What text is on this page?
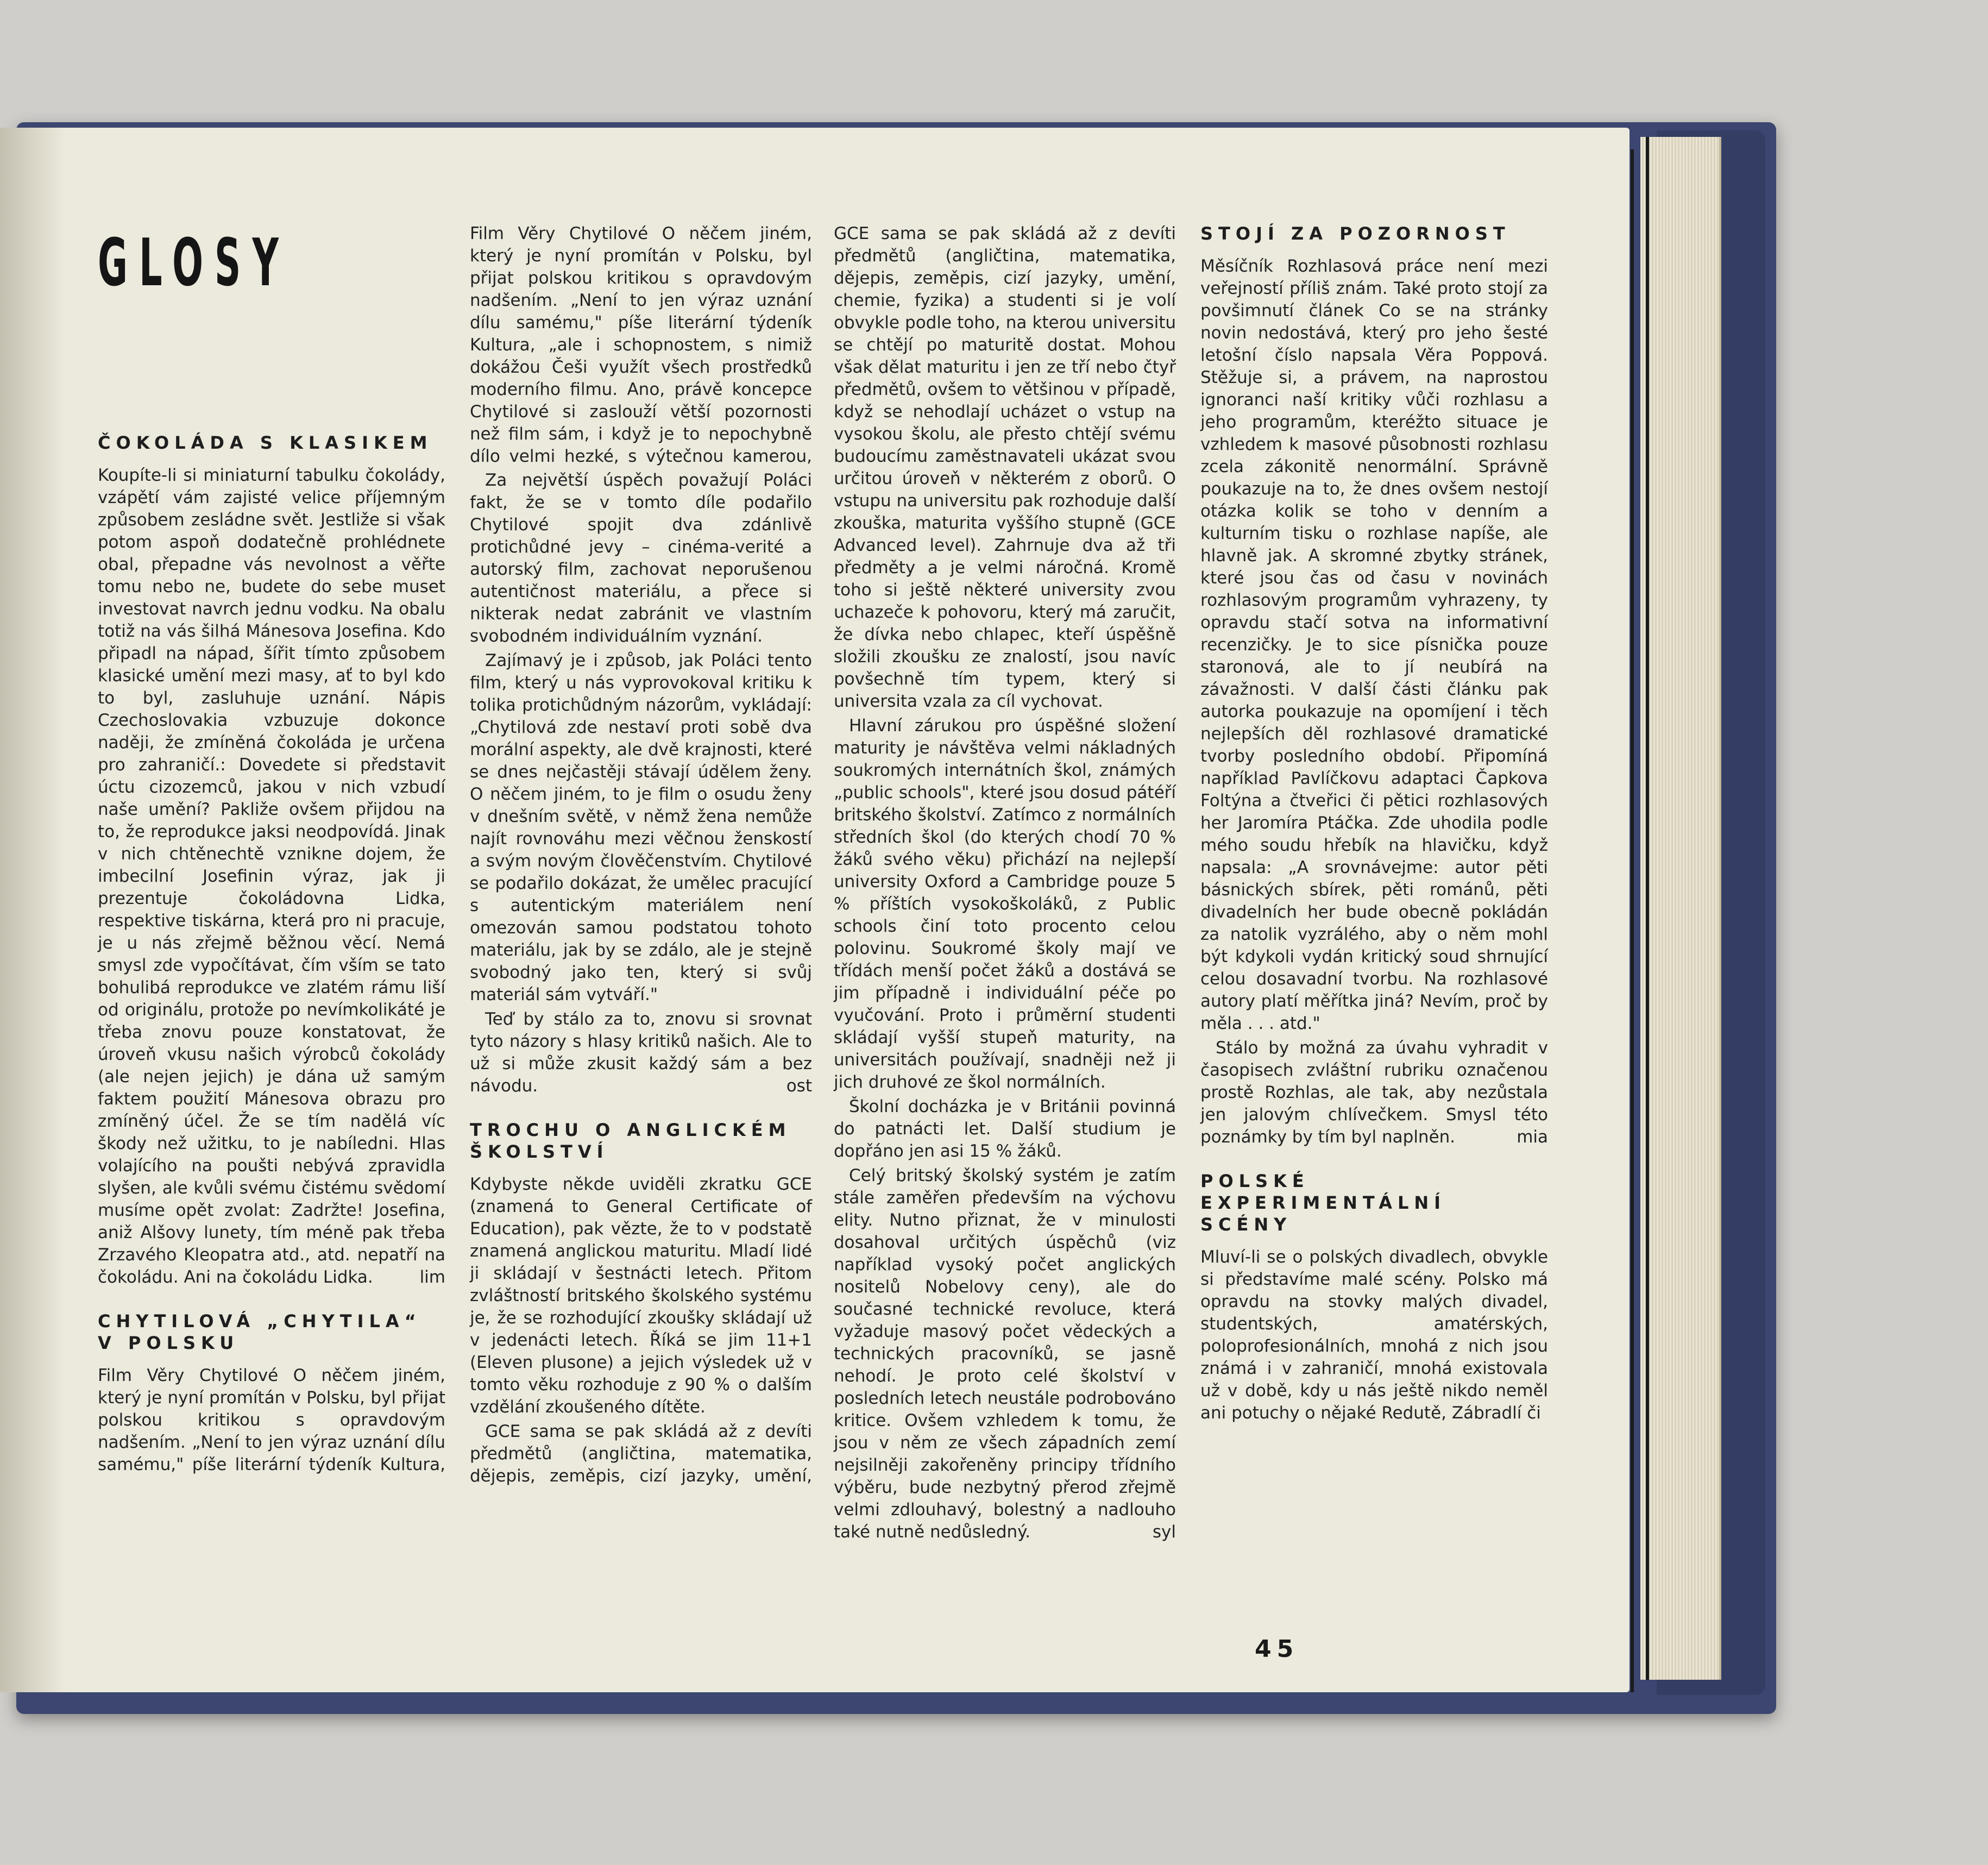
GLOSY
ČOKOLÁDA S KLASIKEM

Koupíte-li si miniaturní tabulku čokolády, vzápětí vám zajisté velice příjemným způsobem zesládne svět. Jestliže si však potom aspoň dodatečně prohlédnete obal, přepadne vás nevolnost a věřte tomu nebo ne, budete do sebe muset investovat navrch jednu vodku. Na obalu totiž na vás šilhá Mánesova Josefina. Kdo připadl na nápad, šířit tímto způsobem klasické umění mezi masy, ať to byl kdo to byl, zasluhuje uznání. Nápis Czechoslovakia vzbuzuje dokonce naději, že zmíněná čokoláda je určena pro zahraničí.: Dovedete si představit úctu cizozemců, jakou v nich vzbudí naše umění? Pakliže ovšem přijdou na to, že reprodukce jaksi neodpovídá. Jinak v nich chtěnechtě vznikne dojem, že imbecilní Josefinin výraz, jak ji prezentuje čokoládovna Lidka, respektive tiskárna, která pro ni pracuje, je u nás zřejmě běžnou věcí. Nemá smysl zde vypočítávat, čím vším se tato bohulibá reprodukce ve zlatém rámu liší od originálu, protože po nevímkolikáté je třeba znovu pouze konstatovat, že úroveň vkusu našich výrobců čokolády (ale nejen jejich) je dána už samým faktem použití Mánesova obrazu pro zmíněný účel. Že se tím nadělá víc škody než užitku, to je nabíledni. Hlas volajícího na poušti nebývá zpravidla slyšen, ale kvůli svému čistému svědomí musíme opět zvolat: Zadržte! Josefina, aniž Alšovy lunety, tím méně pak třeba Zrzavého Kleopatra atd., atd. nepatří na čokoládu. Ani na čokoládu Lidka.	lim

CHYTILOVÁ „CHYTILA“
V POLSKU

Film Věry Chytilové O něčem jiném, který je nyní promítán v Polsku, byl přijat polskou kritikou s opravdovým nadšením. „Není to jen výraz uznání dílu samému," píše literární týdeník Kultura,

Film Věry Chytilové O něčem jiném, který je nyní promítán v Polsku, byl přijat polskou kritikou s opravdovým nadšením. „Není to jen výraz uznání dílu samému," píše literární týdeník Kultura, „ale i schopnostem, s nimiž dokážou Češi využít všech prostředků moderního filmu. Ano, právě koncepce Chytilové si zaslouží větší pozornosti než film sám, i když je to nepochybně dílo velmi hezké, s výtečnou kamerou,

Za největší úspěch považují Poláci fakt, že se v tomto díle podařilo Chytilové spojit dva zdánlivě protichůdné jevy – cinéma-verité a autorský film, zachovat neporušenou autentičnost materiálu, a přece si nikterak nedat zabránit ve vlastním svobodném individuálním vyznání.

Zajímavý je i způsob, jak Poláci tento film, který u nás vyprovokoval kritiku k tolika protichůdným názorům, vykládají: „Chytilová zde nestaví proti sobě dva morální aspekty, ale dvě krajnosti, které se dnes nejčastěji stávají údělem ženy. O něčem jiném, to je film o osudu ženy v dnešním světě, v němž žena nemůže najít rovnováhu mezi věčnou ženskostí a svým novým člověčenstvím. Chytilové se podařilo dokázat, že umělec pracující s autentickým materiálem není omezován samou podstatou tohoto materiálu, jak by se zdálo, ale je stejně svobodný jako ten, který si svůj materiál sám vytváří."

Teď by stálo za to, znovu si srovnat tyto názory s hlasy kritiků našich. Ale to už si může zkusit každý sám a bez návodu.	ost

TROCHU O ANGLICKÉM
ŠKOLSTVÍ

Kdybyste někde uviděli zkratku GCE (znamená to General Certificate of Education), pak vězte, že to v podstatě znamená anglickou maturitu. Mladí lidé ji skládají v šestnácti letech. Přitom zvláštností britského školského systému je, že se rozhodující zkoušky skládají už v jedenácti letech. Říká se jim 11+1 (Eleven plusone) a jejich výsledek už v tomto věku rozhoduje z 90 % o dalším vzdělání zkoušeného dítěte.

GCE sama se pak skládá až z devíti předmětů (angličtina, matematika, dějepis, zeměpis, cizí jazyky, umění,

GCE sama se pak skládá až z devíti předmětů (angličtina, matematika, dějepis, zeměpis, cizí jazyky, umění, chemie, fyzika) a studenti si je volí obvykle podle toho, na kterou universitu se chtějí po maturitě dostat. Mohou však dělat maturitu i jen ze tří nebo čtyř předmětů, ovšem to většinou v případě, když se nehodlají ucházet o vstup na vysokou školu, ale přesto chtějí svému budoucímu zaměstnavateli ukázat svou určitou úroveň v některém z oborů. O vstupu na universitu pak rozhoduje další zkouška, maturita vyššího stupně (GCE Advanced level). Zahrnuje dva až tři předměty a je velmi náročná. Kromě toho si ještě některé university zvou uchazeče k pohovoru, který má zaručit, že dívka nebo chlapec, kteří úspěšně složili zkoušku ze znalostí, jsou navíc povšechně tím typem, který si universita vzala za cíl vychovat.

Hlavní zárukou pro úspěšné složení maturity je návštěva velmi nákladných soukromých internátních škol, známých „public schools", které jsou dosud pátéří britského školství. Zatímco z normálních středních škol (do kterých chodí 70 % žáků svého věku) přichází na nejlepší university Oxford a Cambridge pouze 5 % příštích vysokoškoláků, z Public schools činí toto procento celou polovinu. Soukromé školy mají ve třídách menší počet žáků a dostává se jim případně i individuální péče po vyučování. Proto i průměrní studenti skládají vyšší stupeň maturity, na universitách používají, snadněji než ji jich druhové ze škol normálních.

Školní docházka je v Británii povinná do patnácti let. Další studium je dopřáno jen asi 15 % žáků.

Celý britský školský systém je zatím stále zaměřen především na výchovu elity. Nutno přiznat, že v minulosti dosahoval určitých úspěchů (viz například vysoký počet anglických nositelů Nobelovy ceny), ale do současné technické revoluce, která vyžaduje masový počet vědeckých a technických pracovníků, se jasně nehodí. Je proto celé školství v posledních letech neustále podrobováno kritice. Ovšem vzhledem k tomu, že jsou v něm ze všech západních zemí nejsilněji zakořeněny principy třídního výběru, bude nezbytný přerod zřejmě velmi zdlouhavý, bolestný a nadlouho také nutně nedůsledný.	syl

STOJÍ ZA POZORNOST

Měsíčník Rozhlasová práce není mezi veřejností příliš znám. Také proto stojí za povšimnutí článek Co se na stránky novin nedostává, který pro jeho šesté letošní číslo napsala Věra Poppová. Stěžuje si, a právem, na naprostou ignoranci naší kritiky vůči rozhlasu a jeho programům, kteréžto situace je vzhledem k masové působnosti rozhlasu zcela zákonitě nenormální. Správně poukazuje na to, že dnes ovšem nestojí otázka kolik se toho v denním a kulturním tisku o rozhlase napíše, ale hlavně jak. A skromné zbytky stránek, které jsou čas od času v novinách rozhlasovým programům vyhrazeny, ty opravdu stačí sotva na informativní recenzičky. Je to sice písnička pouze staronová, ale to jí neubírá na závažnosti. V další části článku pak autorka poukazuje na opomíjení i těch nejlepších děl rozhlasové dramatické tvorby posledního období. Připomíná například Pavlíčkovu adaptaci Čapkova Foltýna a čtveřici či pětici rozhlasových her Jaromíra Ptáčka. Zde uhodila podle mého soudu hřebík na hlavičku, když napsala: „A srovnávejme: autor pěti básnických sbírek, pěti románů, pěti divadelních her bude obecně pokládán za natolik vyzrálého, aby o něm mohl být kdykoli vydán kritický soud shrnující celou dosavadní tvorbu. Na rozhlasové autory platí měřítka jiná? Nevím, proč by měla . . . atd."

Stálo by možná za úvahu vyhradit v časopisech zvláštní rubriku označenou prostě Rozhlas, ale tak, aby nezůstala jen jalovým chlívečkem. Smysl této poznámky by tím byl naplněn.	mia

POLSKÉ
EXPERIMENTÁLNÍ
SCÉNY

Mluví-li se o polských divadlech, obvykle si představíme malé scény. Polsko má opravdu na stovky malých divadel, studentských, amatérských, poloprofesionálních, mnohá z nich jsou známá i v zahraničí, mnohá existovala už v době, kdy u nás ještě nikdo neměl ani potuchy o nějaké Redutě, Zábradlí či

45
